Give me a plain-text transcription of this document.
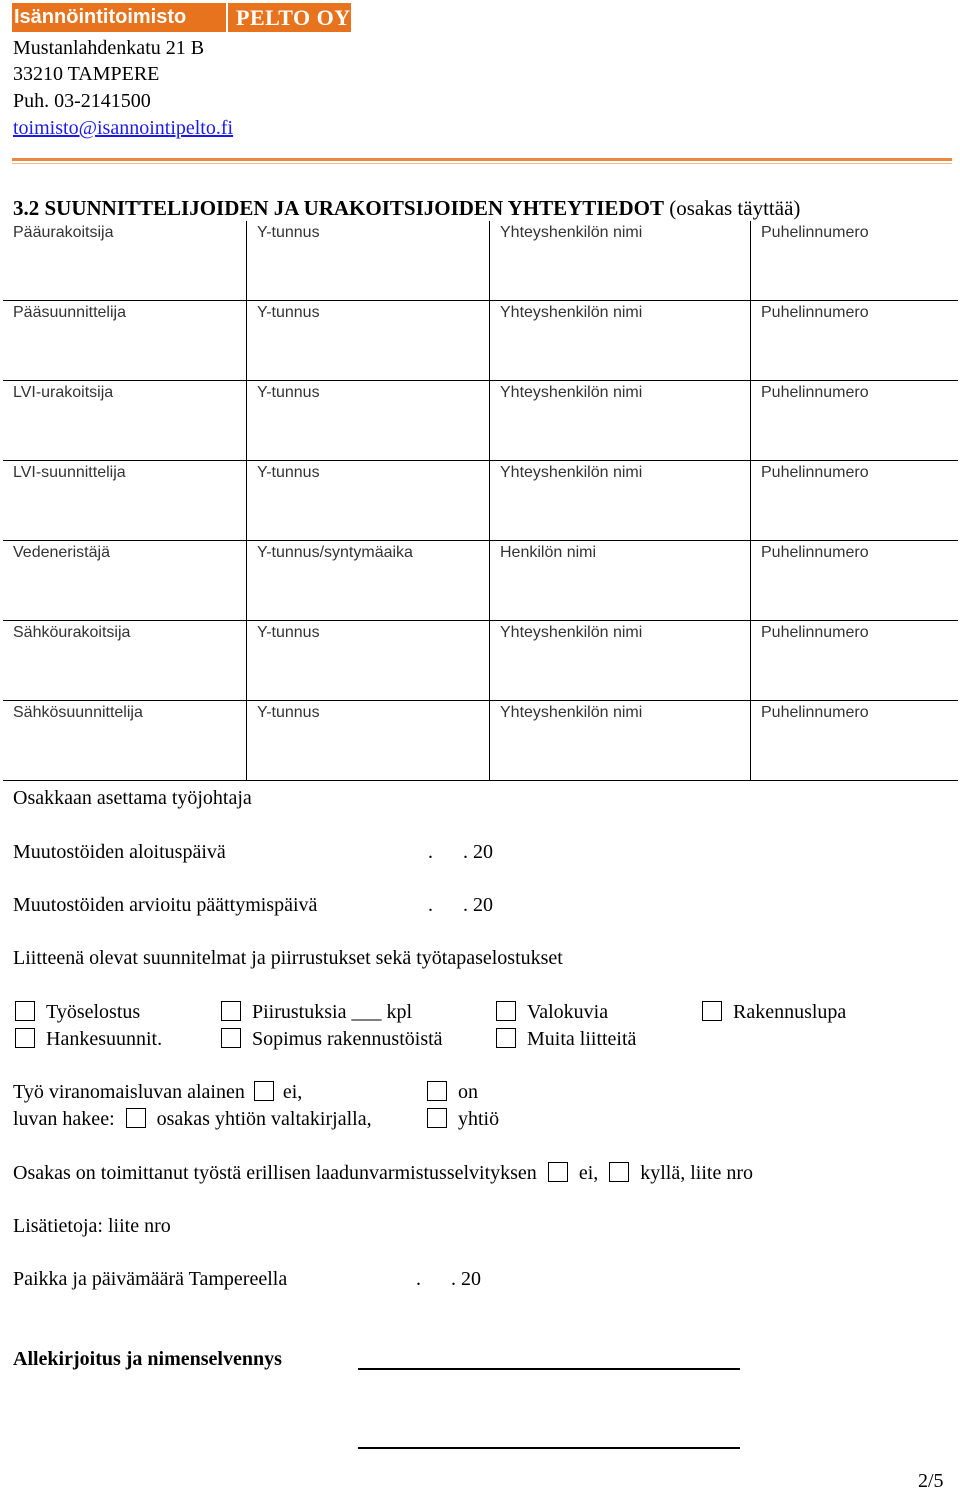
Isännöintitoimisto	PELTO OY
Mustanlahdenkatu 21 B
33210 TAMPERE
Puh. 03-2141500
toimisto@isannointipelto.fi
3.2 SUUNNITTELIJOIDEN JA URAKOITSIJOIDEN YHTEYTIEDOT (osakas täyttää)
Pääurakoitsija	Y-tunnus	Yhteyshenkilön nimi	Puhelinnumero
Pääsuunnittelija	Y-tunnus	Yhteyshenkilön nimi	Puhelinnumero
LVI-urakoitsija	Y-tunnus	Yhteyshenkilön nimi	Puhelinnumero
LVI-suunnittelija	Y-tunnus	Yhteyshenkilön nimi	Puhelinnumero
Vedeneristäjä	Y-tunnus/syntymäaika	Henkilön nimi	Puhelinnumero
Sähköurakoitsija	Y-tunnus	Yhteyshenkilön nimi	Puhelinnumero
Sähkösuunnittelija	Y-tunnus	Yhteyshenkilön nimi	Puhelinnumero
Osakkaan asettama työjohtaja
Muutostöiden aloituspäivä	.      . 20
Muutostöiden arvioitu päättymispäivä	.      . 20
Liitteenä olevat suunnitelmat ja piirrustukset sekä työtapaselostukset
Työselostus	Piirustuksia ___ kpl	Valokuvia	Rakennuslupa
Hankesuunnit.	Sopimus rakennustöistä	Muita liitteitä
Työ viranomaisluvan alainen ei,	on
luvan hakee: osakas yhtiön valtakirjalla,	yhtiö
Osakas on toimittanut työstä erillisen laadunvarmistusselvityksen ei, kyllä, liite nro
Lisätietoja: liite nro
Paikka ja päivämäärä Tampereella	.      . 20
Allekirjoitus ja nimenselvennys
2/5
